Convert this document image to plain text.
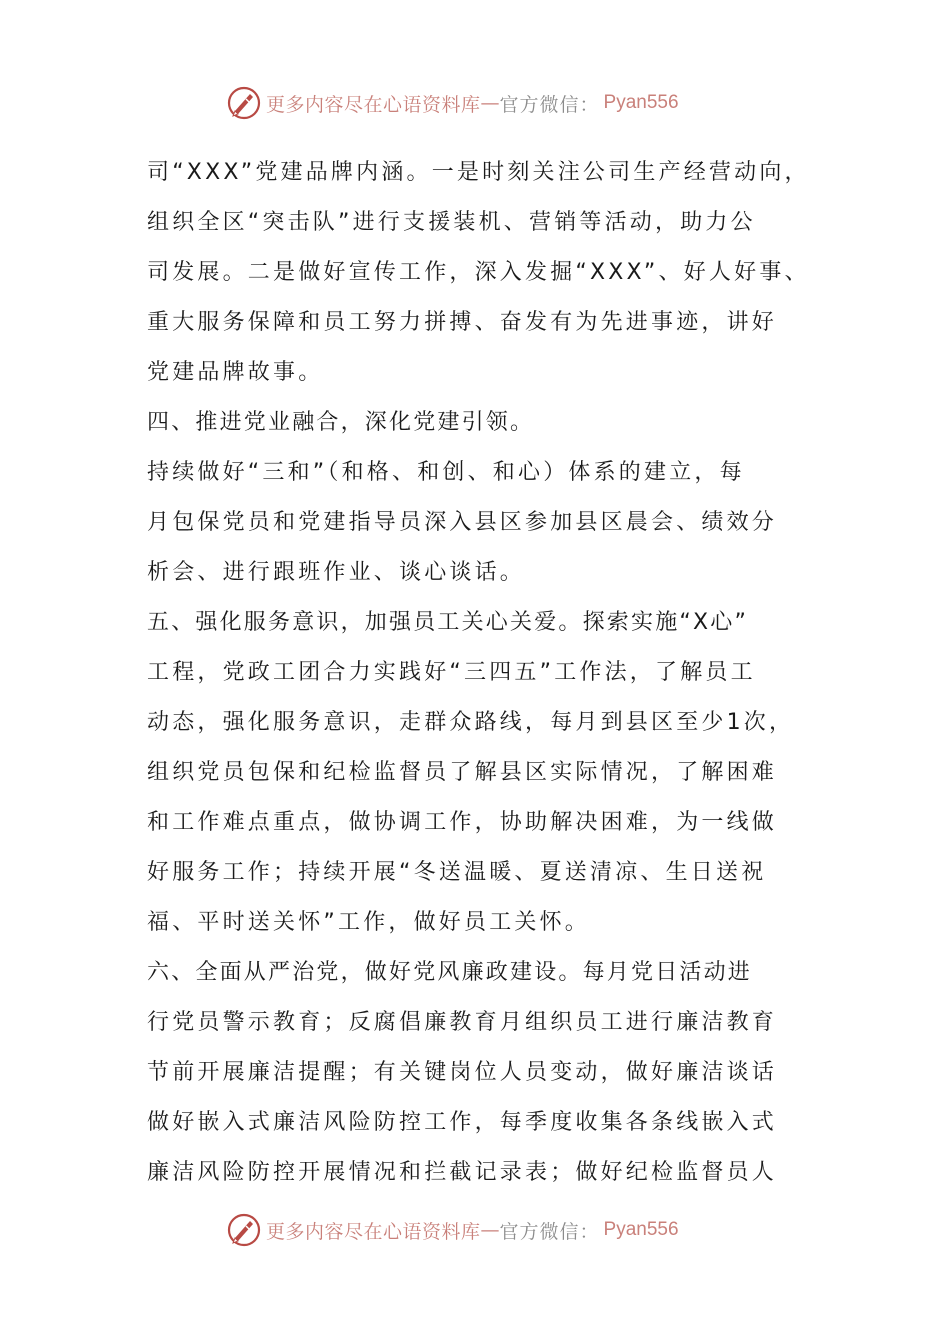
更多内容尽在心语资料库 — 官方微信： Pyan556
司“XXX”党建品牌内涵。一是时刻关注公司生产经营动向，
组织全区“突击队”进行支援装机、营销等活动，助力公
司发展。二是做好宣传工作，深入发掘“XXX”、好人好事、
重大服务保障和员工努力拼搏、奋发有为先进事迹，讲好
党建品牌故事。
四、推进党业融合，深化党建引领。
持续做好“三和”（和格、和创、和心）体系的建立，每
月包保党员和党建指导员深入县区参加县区晨会、绩效分
析会、进行跟班作业、谈心谈话。
五、强化服务意识，加强员工关心关爱。探索实施“X心”
工程，党政工团合力实践好“三四五”工作法，了解员工
动态，强化服务意识，走群众路线，每月到县区至少1次，
组织党员包保和纪检监督员了解县区实际情况，了解困难
和工作难点重点，做协调工作，协助解决困难，为一线做
好服务工作；持续开展“冬送温暖、夏送清凉、生日送祝
福、平时送关怀”工作，做好员工关怀。
六、全面从严治党，做好党风廉政建设。每月党日活动进
行党员警示教育；反腐倡廉教育月组织员工进行廉洁教育
节前开展廉洁提醒；有关键岗位人员变动，做好廉洁谈话
做好嵌入式廉洁风险防控工作，每季度收集各条线嵌入式
廉洁风险防控开展情况和拦截记录表；做好纪检监督员人
更多内容尽在心语资料库 — 官方微信： Pyan556
